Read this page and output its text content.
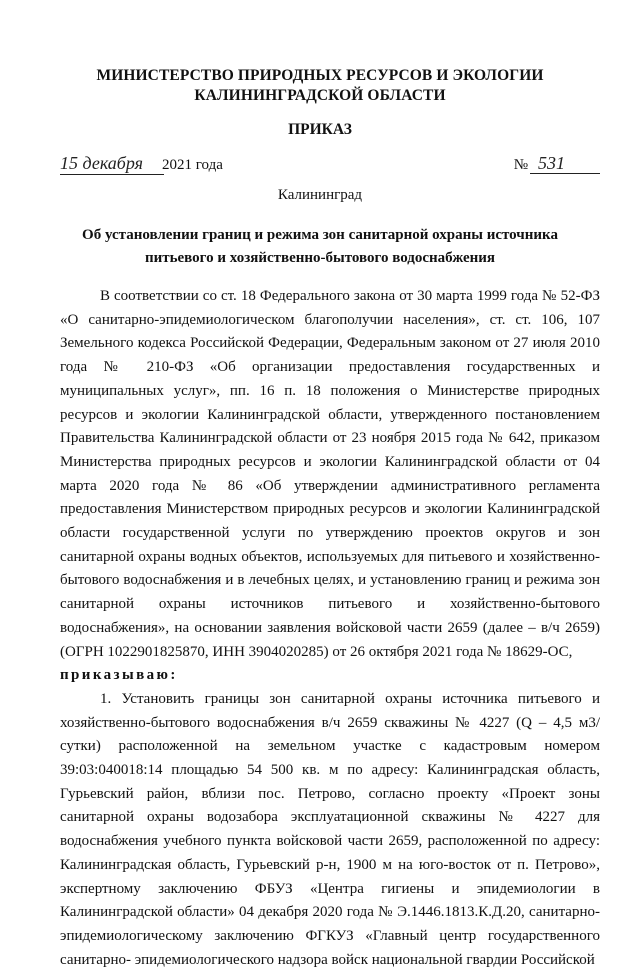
МИНИСТЕРСТВО ПРИРОДНЫХ РЕСУРСОВ И ЭКОЛОГИИ
КАЛИНИНГРАДСКОЙ ОБЛАСТИ
ПРИКАЗ
15 декабря	2021 года	№ 531
Калининград
Об установлении границ и режима зон санитарной охраны источника питьевого и хозяйственно-бытового водоснабжения

В соответствии со ст. 18 Федерального закона от 30 марта 1999 года № 52-ФЗ «О санитарно-эпидемиологическом благополучии населения», ст. ст. 106, 107 Земельного кодекса Российской Федерации, Федеральным законом от 27 июля 2010 года № 210-ФЗ «Об организации предоставления государственных и муниципальных услуг», пп. 16 п. 18 положения о Министерстве природных ресурсов и экологии Калининградской области, утвержденного постановлением Правительства Калининградской области от 23 ноября 2015 года № 642, приказом Министерства природных ресурсов и экологии Калининградской области от 04 марта 2020 года № 86 «Об утверждении административного регламента предоставления Министерством природных ресурсов и экологии Калининградской области государственной услуги по утверждению проектов округов и зон санитарной охраны водных объектов, используемых для питьевого и хозяйственно-бытового водоснабжения и в лечебных целях, и установлению границ и режима зон санитарной охраны источников питьевого и хозяйственно-бытового водоснабжения», на основании заявления войсковой части 2659 (далее – в/ч 2659) (ОГРН 1022901825870, ИНН 3904020285) от 26 октября 2021 года № 18629-ОС,

приказываю:

1. Установить границы зон санитарной охраны источника питьевого и хозяйственно-бытового водоснабжения в/ч 2659 скважины № 4227 (Q – 4,5 м3/сутки) расположенной на земельном участке с кадастровым номером 39:03:040018:14 площадью 54 500 кв. м по адресу: Калининградская область, Гурьевский район, вблизи пос. Петрово, согласно проекту «Проект зоны санитарной охраны водозабора эксплуатационной скважины № 4227 для водоснабжения учебного пункта войсковой части 2659, расположенной по адресу: Калининградская область, Гурьевский р-н, 1900 м на юго-восток от п. Петрово», экспертному заключению ФБУЗ «Центра гигиены и эпидемиологии в Калининградской области» 04 декабря 2020 года № Э.1446.1813.К.Д.20, санитарно-эпидемиологическому заключению ФГКУЗ «Главный центр государственного санитарно- эпидемиологического надзора войск национальной гвардии Российской
